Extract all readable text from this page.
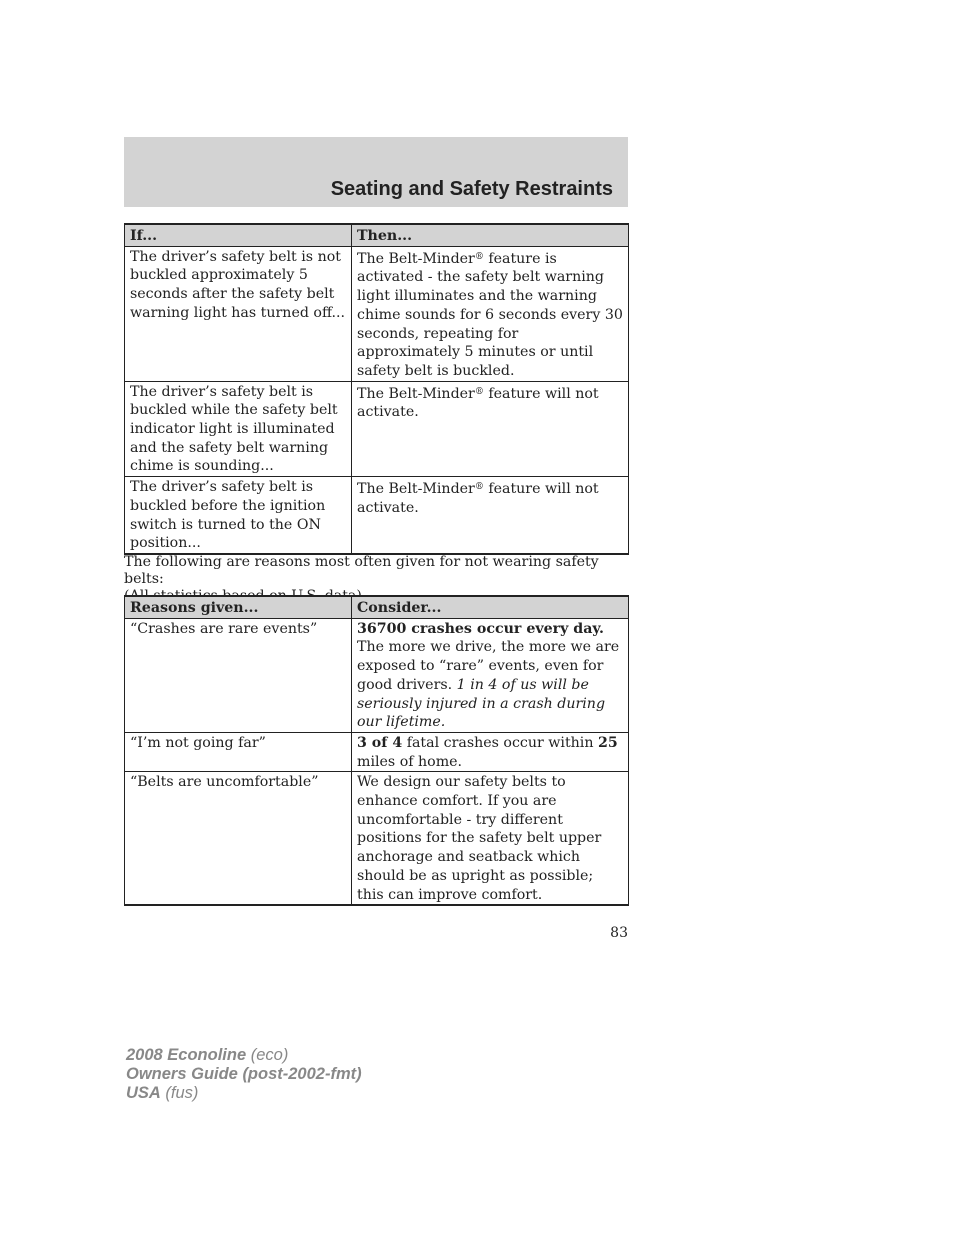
Seating and Safety Restraints
If...	Then...
The driver’s safety belt is not buckled approximately 5 seconds after the safety belt warning light has turned off...	The Belt-Minder® feature is activated - the safety belt warning light illuminates and the warning chime sounds for 6 seconds every 30 seconds, repeating for approximately 5 minutes or until safety belt is buckled.
The driver’s safety belt is buckled while the safety belt indicator light is illuminated and the safety belt warning chime is sounding...	The Belt-Minder® feature will not activate.
The driver’s safety belt is buckled before the ignition switch is turned to the ON position...	The Belt-Minder® feature will not activate.

The following are reasons most often given for not wearing safety belts:

Reasons given...	Consider...
“Crashes are rare events”	36700 crashes occur every day. The more we drive, the more we are exposed to “rare” events, even for good drivers. 1 in 4 of us will be seriously injured in a crash during our lifetime.
“I’m not going far”	3 of 4 fatal crashes occur within 25 miles of home.
“Belts are uncomfortable”	We design our safety belts to enhance comfort. If you are uncomfortable - try different positions for the safety belt upper anchorage and seatback which should be as upright as possible; this can improve comfort.

83

2008 Econoline (eco)
Owners Guide (post-2002-fmt)
USA (fus)
